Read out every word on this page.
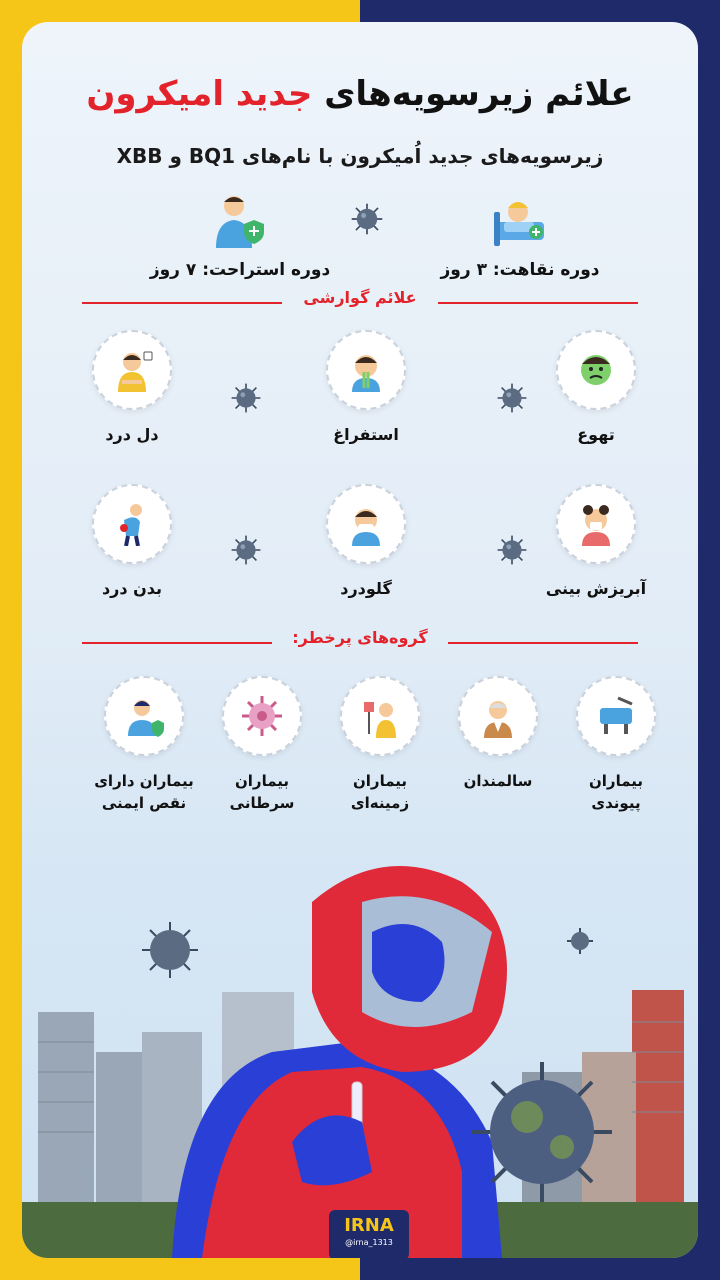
علائم زیرسویه‌های جدید امیکرون
زیرسویه‌های جدید اُمیکرون با نام‌های BQ1 و XBB
دوره نقاهت: ۳ روز
دوره استراحت: ۷ روز
علائم گوارشی
تهوع
استفراغ
دل درد
آبریزش بینی
گلودرد
بدن درد
گروه‌های پرخطر:
بیماران
پیوندی
سالمندان
بیماران
زمینه‌ای
بیماران
سرطانی
بیماران دارای
نقص ایمنی
IRNA
@irna_1313
